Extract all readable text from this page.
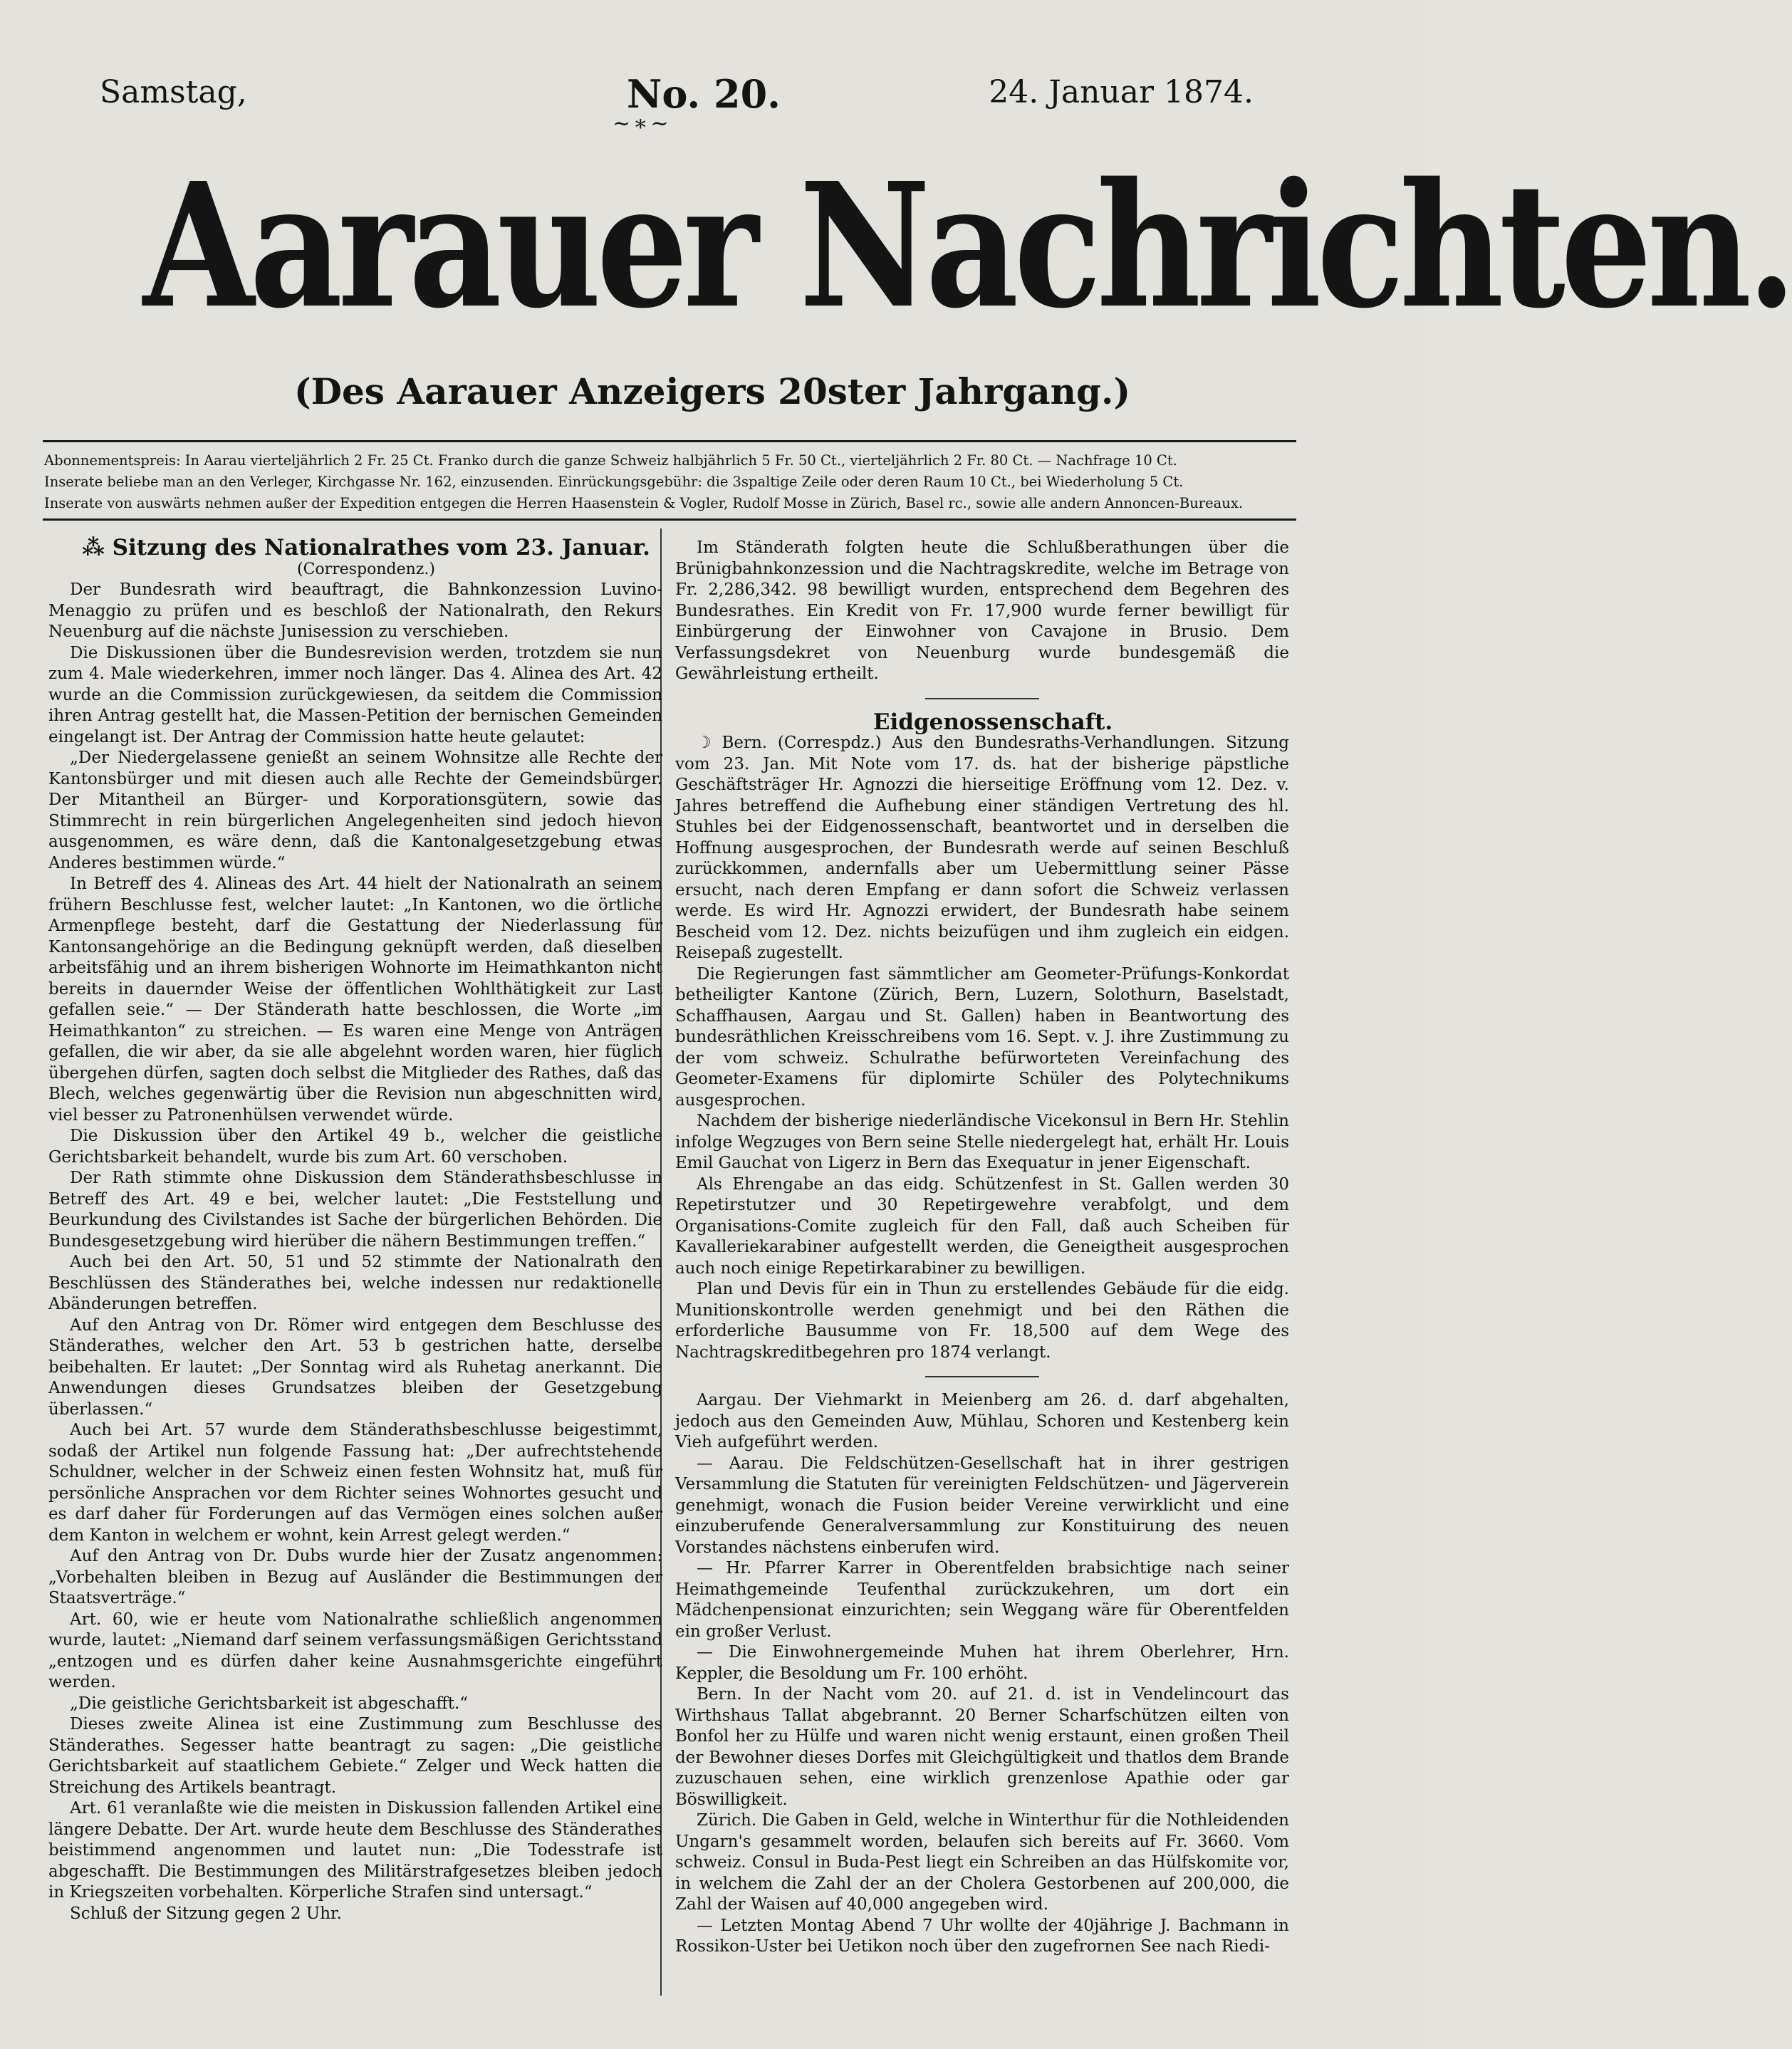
Samstag,	No. 20.	24. Januar 1874.
~∗~
Aarauer Nachrichten.
(Des Aarauer Anzeigers 20ster Jahrgang.)
Abonnementspreis: In Aarau vierteljährlich 2 Fr. 25 Ct. Franko durch die ganze Schweiz halbjährlich 5 Fr. 50 Ct., vierteljährlich 2 Fr. 80 Ct. — Nachfrage 10 Ct.
Inserate beliebe man an den Verleger, Kirchgasse Nr. 162, einzusenden. Einrückungsgebühr: die 3spaltige Zeile oder deren Raum 10 Ct., bei Wiederholung 5 Ct.
Inserate von auswärts nehmen außer der Expedition entgegen die Herren Haasenstein & Vogler, Rudolf Mosse in Zürich, Basel rc., sowie alle andern Annoncen-Bureaux.

⁂ Sitzung des Nationalrathes vom 23. Januar.

(Correspondenz.)

Der Bundesrath wird beauftragt, die Bahnkonzession Luvino-Menaggio zu prüfen und es beschloß der Nationalrath, den Rekurs Neuenburg auf die nächste Junisession zu verschieben.

Die Diskussionen über die Bundesrevision werden, trotzdem sie nun zum 4. Male wiederkehren, immer noch länger. Das 4. Alinea des Art. 42 wurde an die Commission zurückgewiesen, da seitdem die Commission ihren Antrag gestellt hat, die Massen-Petition der bernischen Gemeinden eingelangt ist. Der Antrag der Commission hatte heute gelautet:

„Der Niedergelassene genießt an seinem Wohnsitze alle Rechte der Kantonsbürger und mit diesen auch alle Rechte der Gemeindsbürger. Der Mitantheil an Bürger- und Korporationsgütern, sowie das Stimmrecht in rein bürgerlichen Angelegenheiten sind jedoch hievon ausgenommen, es wäre denn, daß die Kantonalgesetzgebung etwas Anderes bestimmen würde.“

In Betreff des 4. Alineas des Art. 44 hielt der Nationalrath an seinem frühern Beschlusse fest, welcher lautet: „In Kantonen, wo die örtliche Armenpflege besteht, darf die Gestattung der Niederlassung für Kantonsangehörige an die Bedingung geknüpft werden, daß dieselben arbeitsfähig und an ihrem bisherigen Wohnorte im Heimathkanton nicht bereits in dauernder Weise der öffentlichen Wohlthätigkeit zur Last gefallen seie.“ — Der Ständerath hatte beschlossen, die Worte „im Heimathkanton“ zu streichen. — Es waren eine Menge von Anträgen gefallen, die wir aber, da sie alle abgelehnt worden waren, hier füglich übergehen dürfen, sagten doch selbst die Mitglieder des Rathes, daß das Blech, welches gegenwärtig über die Revision nun abgeschnitten wird, viel besser zu Patronenhülsen verwendet würde.

Die Diskussion über den Artikel 49 b., welcher die geistliche Gerichtsbarkeit behandelt, wurde bis zum Art. 60 verschoben.

Der Rath stimmte ohne Diskussion dem Ständerathsbeschlusse in Betreff des Art. 49 e bei, welcher lautet: „Die Feststellung und Beurkundung des Civilstandes ist Sache der bürgerlichen Behörden. Die Bundesgesetzgebung wird hierüber die nähern Bestimmungen treffen.“

Auch bei den Art. 50, 51 und 52 stimmte der Nationalrath den Beschlüssen des Ständerathes bei, welche indessen nur redaktionelle Abänderungen betreffen.

Auf den Antrag von Dr. Römer wird entgegen dem Beschlusse des Ständerathes, welcher den Art. 53 b gestrichen hatte, derselbe beibehalten. Er lautet: „Der Sonntag wird als Ruhetag anerkannt. Die Anwendungen dieses Grundsatzes bleiben der Gesetzgebung überlassen.“

Auch bei Art. 57 wurde dem Ständerathsbeschlusse beigestimmt, sodaß der Artikel nun folgende Fassung hat: „Der aufrechtstehende Schuldner, welcher in der Schweiz einen festen Wohnsitz hat, muß für persönliche Ansprachen vor dem Richter seines Wohnortes gesucht und es darf daher für Forderungen auf das Vermögen eines solchen außer dem Kanton in welchem er wohnt, kein Arrest gelegt werden.“

Auf den Antrag von Dr. Dubs wurde hier der Zusatz angenommen: „Vorbehalten bleiben in Bezug auf Ausländer die Bestimmungen der Staatsverträge.“

Art. 60, wie er heute vom Nationalrathe schließlich angenommen wurde, lautet: „Niemand darf seinem verfassungsmäßigen Gerichtsstand „entzogen und es dürfen daher keine Ausnahmsgerichte eingeführt werden.

„Die geistliche Gerichtsbarkeit ist abgeschafft.“

Dieses zweite Alinea ist eine Zustimmung zum Beschlusse des Ständerathes. Segesser hatte beantragt zu sagen: „Die geistliche Gerichtsbarkeit auf staatlichem Gebiete.“ Zelger und Weck hatten die Streichung des Artikels beantragt.

Art. 61 veranlaßte wie die meisten in Diskussion fallenden Artikel eine längere Debatte. Der Art. wurde heute dem Beschlusse des Ständerathes beistimmend angenommen und lautet nun: „Die Todesstrafe ist abgeschafft. Die Bestimmungen des Militärstrafgesetzes bleiben jedoch in Kriegszeiten vorbehalten. Körperliche Strafen sind untersagt.“

Schluß der Sitzung gegen 2 Uhr.

Im Ständerath folgten heute die Schlußberathungen über die Brünigbahnkonzession und die Nachtragskredite, welche im Betrage von Fr. 2,286,342. 98 bewilligt wurden, entsprechend dem Begehren des Bundesrathes. Ein Kredit von Fr. 17,900 wurde ferner bewilligt für Einbürgerung der Einwohner von Cavajone in Brusio. Dem Verfassungsdekret von Neuenburg wurde bundesgemäß die Gewährleistung ertheilt.

Eidgenossenschaft.

☽ Bern. (Correspdz.) Aus den Bundesraths-Verhandlungen. Sitzung vom 23. Jan. Mit Note vom 17. ds. hat der bisherige päpstliche Geschäftsträger Hr. Agnozzi die hierseitige Eröffnung vom 12. Dez. v. Jahres betreffend die Aufhebung einer ständigen Vertretung des hl. Stuhles bei der Eidgenossenschaft, beantwortet und in derselben die Hoffnung ausgesprochen, der Bundesrath werde auf seinen Beschluß zurückkommen, andernfalls aber um Uebermittlung seiner Pässe ersucht, nach deren Empfang er dann sofort die Schweiz verlassen werde. Es wird Hr. Agnozzi erwidert, der Bundesrath habe seinem Bescheid vom 12. Dez. nichts beizufügen und ihm zugleich ein eidgen. Reisepaß zugestellt.

Die Regierungen fast sämmtlicher am Geometer-Prüfungs-Konkordat betheiligter Kantone (Zürich, Bern, Luzern, Solothurn, Baselstadt, Schaffhausen, Aargau und St. Gallen) haben in Beantwortung des bundesräthlichen Kreisschreibens vom 16. Sept. v. J. ihre Zustimmung zu der vom schweiz. Schulrathe befürworteten Vereinfachung des Geometer-Examens für diplomirte Schüler des Polytechnikums ausgesprochen.

Nachdem der bisherige niederländische Vicekonsul in Bern Hr. Stehlin infolge Wegzuges von Bern seine Stelle niedergelegt hat, erhält Hr. Louis Emil Gauchat von Ligerz in Bern das Exequatur in jener Eigenschaft.

Als Ehrengabe an das eidg. Schützenfest in St. Gallen werden 30 Repetirstutzer und 30 Repetirgewehre verabfolgt, und dem Organisations-Comite zugleich für den Fall, daß auch Scheiben für Kavalleriekarabiner aufgestellt werden, die Geneigtheit ausgesprochen auch noch einige Repetirkarabiner zu bewilligen.

Plan und Devis für ein in Thun zu erstellendes Gebäude für die eidg. Munitionskontrolle werden genehmigt und bei den Räthen die erforderliche Bausumme von Fr. 18,500 auf dem Wege des Nachtragskreditbegehren pro 1874 verlangt.

Aargau. Der Viehmarkt in Meienberg am 26. d. darf abgehalten, jedoch aus den Gemeinden Auw, Mühlau, Schoren und Kestenberg kein Vieh aufgeführt werden.

— Aarau. Die Feldschützen-Gesellschaft hat in ihrer gestrigen Versammlung die Statuten für vereinigten Feldschützen- und Jägerverein genehmigt, wonach die Fusion beider Vereine verwirklicht und eine einzuberufende Generalversammlung zur Konstituirung des neuen Vorstandes nächstens einberufen wird.

— Hr. Pfarrer Karrer in Oberentfelden brabsichtige nach seiner Heimathgemeinde Teufenthal zurückzukehren, um dort ein Mädchenpensionat einzurichten; sein Weggang wäre für Oberentfelden ein großer Verlust.

— Die Einwohnergemeinde Muhen hat ihrem Oberlehrer, Hrn. Keppler, die Besoldung um Fr. 100 erhöht.

Bern. In der Nacht vom 20. auf 21. d. ist in Vendelincourt das Wirthshaus Tallat abgebrannt. 20 Berner Scharfschützen eilten von Bonfol her zu Hülfe und waren nicht wenig erstaunt, einen großen Theil der Bewohner dieses Dorfes mit Gleichgültigkeit und thatlos dem Brande zuzuschauen sehen, eine wirklich grenzenlose Apathie oder gar Böswilligkeit.

Zürich. Die Gaben in Geld, welche in Winterthur für die Nothleidenden Ungarn's gesammelt worden, belaufen sich bereits auf Fr. 3660. Vom schweiz. Consul in Buda-Pest liegt ein Schreiben an das Hülfskomite vor, in welchem die Zahl der an der Cholera Gestorbenen auf 200,000, die Zahl der Waisen auf 40,000 angegeben wird.

— Letzten Montag Abend 7 Uhr wollte der 40jährige J. Bachmann in Rossikon-Uster bei Uetikon noch über den zugefrornen See nach Riedi-
